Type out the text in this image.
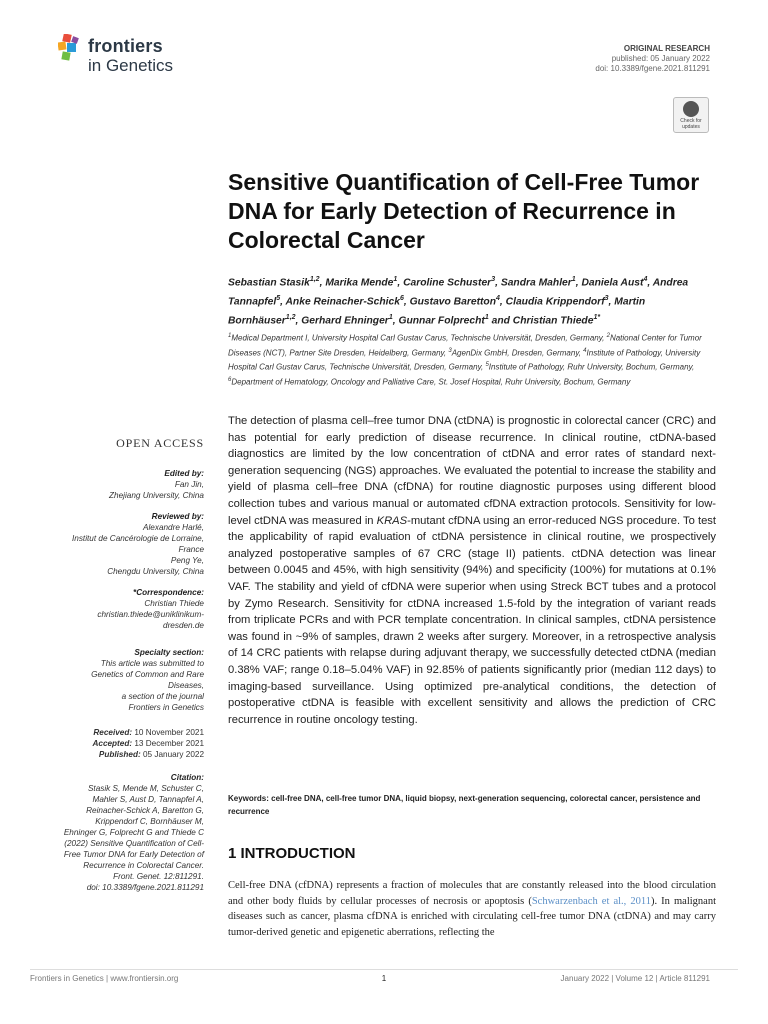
frontiers
in Genetics
ORIGINAL RESEARCH
published: 05 January 2022
doi: 10.3389/fgene.2021.811291
Check for
updates
Sensitive Quantification of Cell-Free Tumor DNA for Early Detection of Recurrence in Colorectal Cancer
Sebastian Stasik$^{1,2}$, Marika Mende$^1$, Caroline Schuster$^3$, Sandra Mahler$^1$, Daniela Aust$^4$, Andrea Tannapfel$^5$, Anke Reinacher-Schick$^6$, Gustavo Baretton$^4$, Claudia Krippendorf$^3$, Martin Bornhäuser$^{1,2}$, Gerhard Ehninger$^1$, Gunnar Folprecht$^1$ and Christian Thiede$^{1*}$
$^1$Medical Department I, University Hospital Carl Gustav Carus, Technische Universität, Dresden, Germany, $^2$National Center for Tumor Diseases (NCT), Partner Site Dresden, Heidelberg, Germany, $^3$AgenDix GmbH, Dresden, Germany, $^4$Institute of Pathology, University Hospital Carl Gustav Carus, Technische Universität, Dresden, Germany, $^5$Institute of Pathology, Ruhr University, Bochum, Germany, $^6$Department of Hematology, Oncology and Palliative Care, St. Josef Hospital, Ruhr University, Bochum, Germany
OPEN ACCESS
Edited by:
Fan Jin,
Zhejiang University, China
Reviewed by:
Alexandre Harlé,
Institut de Cancérologie de Lorraine,
France
Peng Ye,
Chengdu University, China
*Correspondence:
Christian Thiede
christian.thiede@uniklinikum-
dresden.de
Specialty section:
This article was submitted to
Genetics of Common and Rare
Diseases,
a section of the journal
Frontiers in Genetics
Received: 10 November 2021
Accepted: 13 December 2021
Published: 05 January 2022
Citation:
Stasik S, Mende M, Schuster C,
Mahler S, Aust D, Tannapfel A,
Reinacher-Schick A, Baretton G,
Krippendorf C, Bornhäuser M,
Ehninger G, Folprecht G and Thiede C
(2022) Sensitive Quantification of Cell-
Free Tumor DNA for Early Detection of
Recurrence in Colorectal Cancer.
Front. Genet. 12:811291.
doi: 10.3389/fgene.2021.811291

The detection of plasma cell–free tumor DNA (ctDNA) is prognostic in colorectal cancer (CRC) and has potential for early prediction of disease recurrence. In clinical routine, ctDNA-based diagnostics are limited by the low concentration of ctDNA and error rates of standard next-generation sequencing (NGS) approaches. We evaluated the potential to increase the stability and yield of plasma cell–free DNA (cfDNA) for routine diagnostic purposes using different blood collection tubes and various manual or automated cfDNA extraction protocols. Sensitivity for low-level ctDNA was measured in KRAS-mutant cfDNA using an error-reduced NGS procedure. To test the applicability of rapid evaluation of ctDNA persistence in clinical routine, we prospectively analyzed postoperative samples of 67 CRC (stage II) patients. ctDNA detection was linear between 0.0045 and 45%, with high sensitivity (94%) and specificity (100%) for mutations at 0.1% VAF. The stability and yield of cfDNA were superior when using Streck BCT tubes and a protocol by Zymo Research. Sensitivity for ctDNA increased 1.5-fold by the integration of variant reads from triplicate PCRs and with PCR template concentration. In clinical samples, ctDNA persistence was found in ~9% of samples, drawn 2 weeks after surgery. Moreover, in a retrospective analysis of 14 CRC patients with relapse during adjuvant therapy, we successfully detected ctDNA (median 0.38% VAF; range 0.18–5.04% VAF) in 92.85% of patients significantly prior (median 112 days) to imaging-based surveillance. Using optimized pre-analytical conditions, the detection of postoperative ctDNA is feasible with excellent sensitivity and allows the prediction of CRC recurrence in routine oncology testing.

Keywords: cell-free DNA, cell-free tumor DNA, liquid biopsy, next-generation sequencing, colorectal cancer, persistence and recurrence
1 INTRODUCTION

Cell-free DNA (cfDNA) represents a fraction of molecules that are constantly released into the blood circulation and other body fluids by cellular processes of necrosis or apoptosis (Schwarzenbach et al., 2011). In malignant diseases such as cancer, plasma cfDNA is enriched with circulating cell-free tumor DNA (ctDNA) and may carry tumor-derived genetic and epigenetic aberrations, reflecting the

Frontiers in Genetics | www.frontiersin.org	1	January 2022 | Volume 12 | Article 811291
